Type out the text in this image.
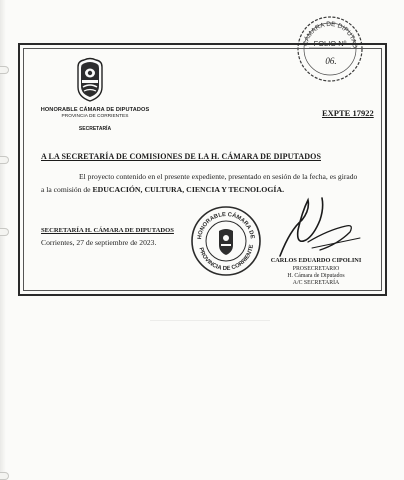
CÁMARA DE DIPUTAD
FOLIO Nº
06.
HONORABLE CÁMARA DE DIPUTADOS
PROVINCIA DE CORRIENTES
SECRETARÍA
EXPTE 17922
A LA SECRETARÍA DE COMISIONES DE LA H. CÁMARA DE DIPUTADOS
El proyecto contenido en el presente expediente, presentado en sesión de la fecha, es girado a la comisión de EDUCACIÓN, CULTURA, CIENCIA Y TECNOLOGÍA.
SECRETARÍA H. CÁMARA DE DIPUTADOS
Corrientes, 27 de septiembre de 2023.
HONORABLE CÁMARA DE
PROVINCIA DE CORRIENTE
CARLOS EDUARDO CIPOLINI
PROSECRETARIO
H. Cámara de Diputados
A/C SECRETARÍA
